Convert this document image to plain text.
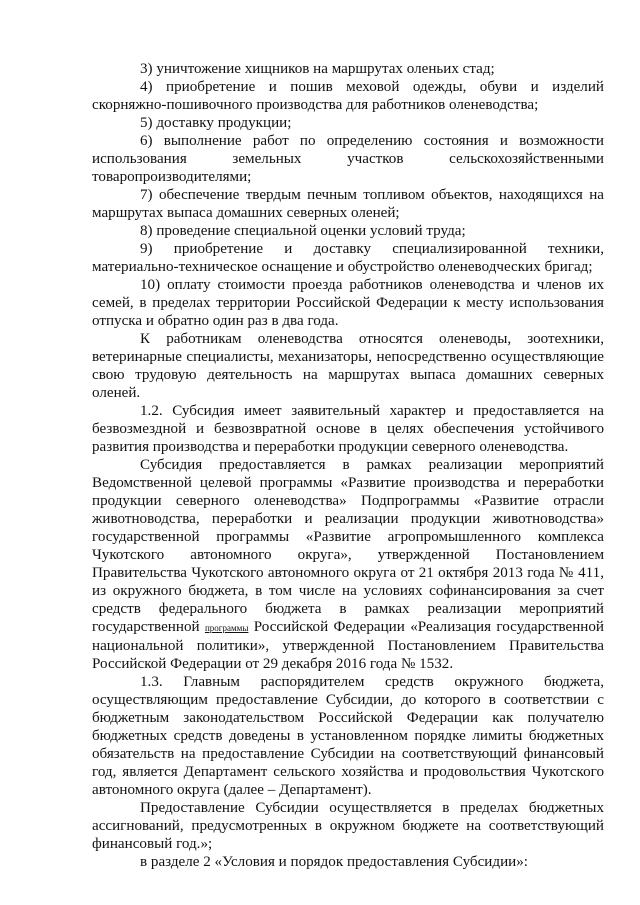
3) уничтожение хищников на маршрутах оленьих стад;

4) приобретение и пошив меховой одежды, обуви и изделий скорняжно-пошивочного производства для работников оленеводства;

5) доставку продукции;

6) выполнение работ по определению состояния и возможности использования земельных участков сельскохозяйственными товаропроизводителями;

7) обеспечение твердым печным топливом объектов, находящихся на маршрутах выпаса домашних северных оленей;

8) проведение специальной оценки условий труда;

9) приобретение и доставку специализированной техники, материально-техническое оснащение и обустройство оленеводческих бригад;

10) оплату стоимости проезда работников оленеводства и членов их семей, в пределах территории Российской Федерации к месту использования отпуска и обратно один раз в два года.

К работникам оленеводства относятся оленеводы, зоотехники, ветеринарные специалисты, механизаторы, непосредственно осуществляющие свою трудовую деятельность на маршрутах выпаса домашних северных оленей.

1.2. Субсидия имеет заявительный характер и предоставляется на безвозмездной и безвозвратной основе в целях обеспечения устойчивого развития производства и переработки продукции северного оленеводства.

Субсидия предоставляется в рамках реализации мероприятий Ведомственной целевой программы «Развитие производства и переработки продукции северного оленеводства» Подпрограммы «Развитие отрасли животноводства, переработки и реализации продукции животноводства» государственной программы «Развитие агропромышленного комплекса Чукотского автономного округа», утвержденной Постановлением Правительства Чукотского автономного округа от 21 октября 2013 года № 411, из окружного бюджета, в том числе на условиях софинансирования за счет средств федерального бюджета в рамках реализации мероприятий государственной программы Российской Федерации «Реализация государственной национальной политики», утвержденной Постановлением Правительства Российской Федерации от 29 декабря 2016 года № 1532.

1.3. Главным распорядителем средств окружного бюджета, осуществляющим предоставление Субсидии, до которого в соответствии с бюджетным законодательством Российской Федерации как получателю бюджетных средств доведены в установленном порядке лимиты бюджетных обязательств на предоставление Субсидии на соответствующий финансовый год, является Департамент сельского хозяйства и продовольствия Чукотского автономного округа (далее – Департамент).

Предоставление Субсидии осуществляется в пределах бюджетных ассигнований, предусмотренных в окружном бюджете на соответствующий финансовый год.»;

в разделе 2 «Условия и порядок предоставления Субсидии»:
